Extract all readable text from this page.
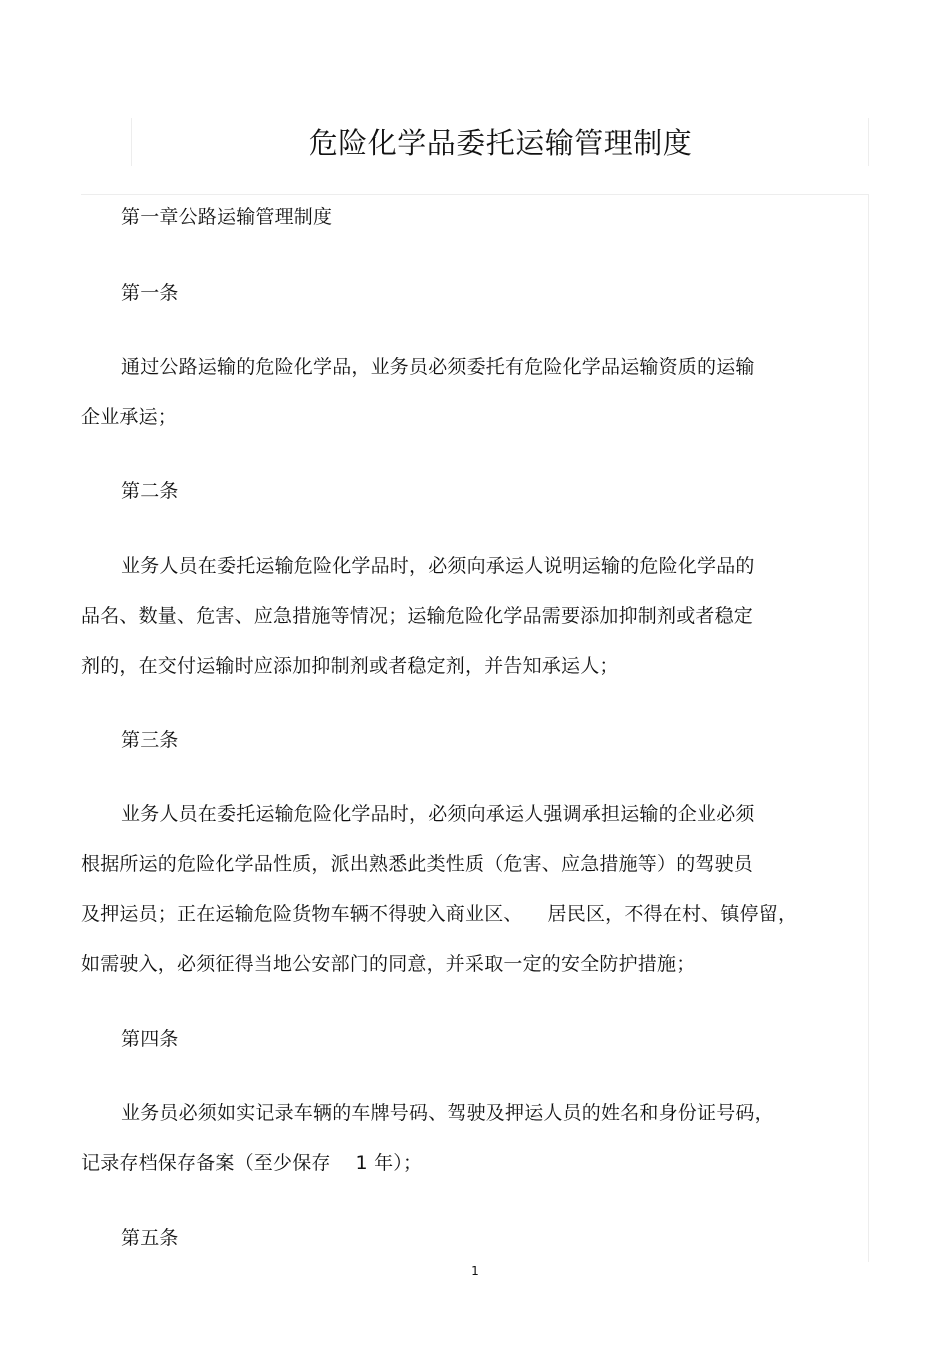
危险化学品委托运输管理制度
第一章公路运输管理制度
第一条
通过公路运输的危险化学品，业务员必须委托有危险化学品运输资质的运输
企业承运；
第二条
业务人员在委托运输危险化学品时，必须向承运人说明运输的危险化学品的
品名、数量、危害、应急措施等情况；运输危险化学品需要添加抑制剂或者稳定
剂的，在交付运输时应添加抑制剂或者稳定剂，并告知承运人；
第三条
业务人员在委托运输危险化学品时，必须向承运人强调承担运输的企业必须
根据所运的危险化学品性质，派出熟悉此类性质（危害、应急措施等）的驾驶员
及押运员；正在运输危险货物车辆不得驶入商业区、    居民区，不得在村、镇停留，
如需驶入，必须征得当地公安部门的同意，并采取一定的安全防护措施；
第四条
业务员必须如实记录车辆的车牌号码、驾驶及押运人员的姓名和身份证号码，
记录存档保存备案（至少保存    1 年）；
第五条
1
